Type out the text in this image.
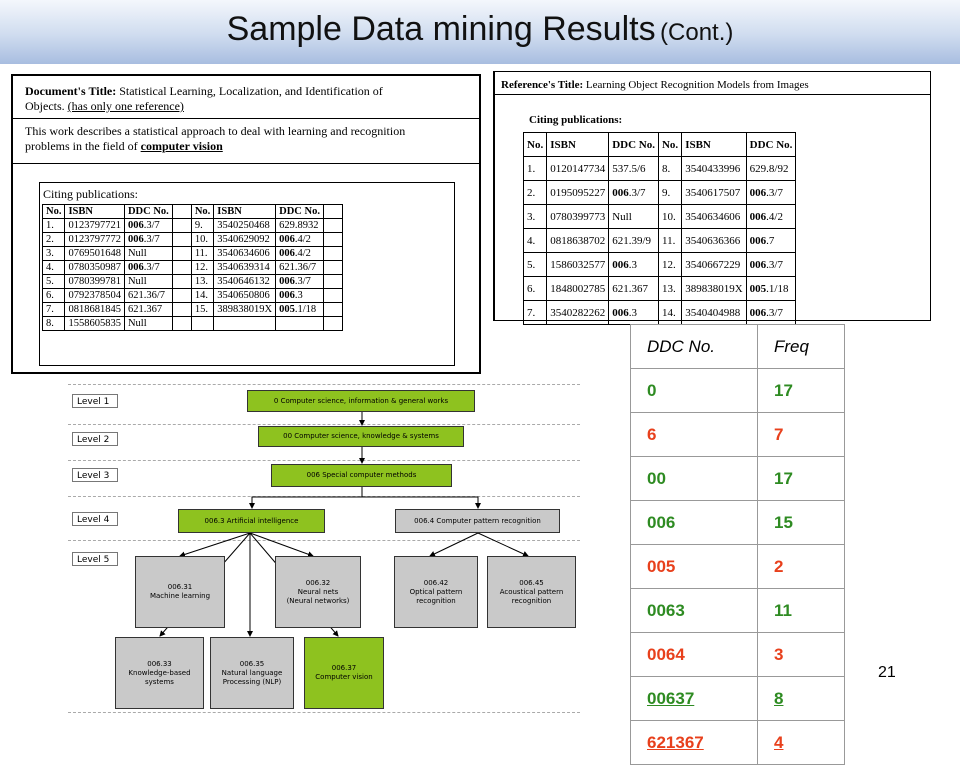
Sample Data mining Results (Cont.)
Document's Title: Statistical Learning, Localization, and Identification of
Objects. (has only one reference)
This work describes a statistical approach to deal with learning and recognition
problems in the field of computer vision
Citing publications:
No.	ISBN	DDC No.		No.	ISBN	DDC No.	
1.	0123797721	006.3/7		9.	3540250468	629.8932	
2.	0123797772	006.3/7		10.	3540629092	006.4/2	
3.	0769501648	Null		11.	3540634606	006.4/2	
4.	0780350987	006.3/7		12.	3540639314	621.36/7	
5.	0780399781	Null		13.	3540646132	006.3/7	
6.	0792378504	621.36/7		14.	3540650806	006.3	
7.	0818681845	621.367		15.	389838019X	005.1/18	
8.	1558605835	Null					
Reference's Title: Learning Object Recognition Models from Images
Citing publications:
No.	ISBN	DDC No.	No.	ISBN	DDC No.
1.	0120147734	537.5/6	8.	3540433996	629.8/92
2.	0195095227	006.3/7	9.	3540617507	006.3/7
3.	0780399773	Null	10.	3540634606	006.4/2
4.	0818638702	621.39/9	11.	3540636366	006.7
5.	1586032577	006.3	12.	3540667229	006.3/7
6.	1848002785	621.367	13.	389838019X	005.1/18
7.	3540282262	006.3	14.	3540404988	006.3/7
Level 1
Level 2
Level 3
Level 4
Level 5
0 Computer science, information & general works
00 Computer science, knowledge & systems
006 Special computer methods
006.3 Artificial intelligence	006.4 Computer pattern recognition
006.31
Machine learning
006.32
Neural nets
(Neural networks)
006.42
Optical pattern
recognition
006.45
Acoustical pattern
recognition
006.33
Knowledge-based
systems
006.35
Natural language
Processing (NLP)
006.37
Computer vision
DDC No.	Freq
0	17
6	7
00	17
006	15
005	2
0063	11
0064	3
00637	8
621367	4
21
